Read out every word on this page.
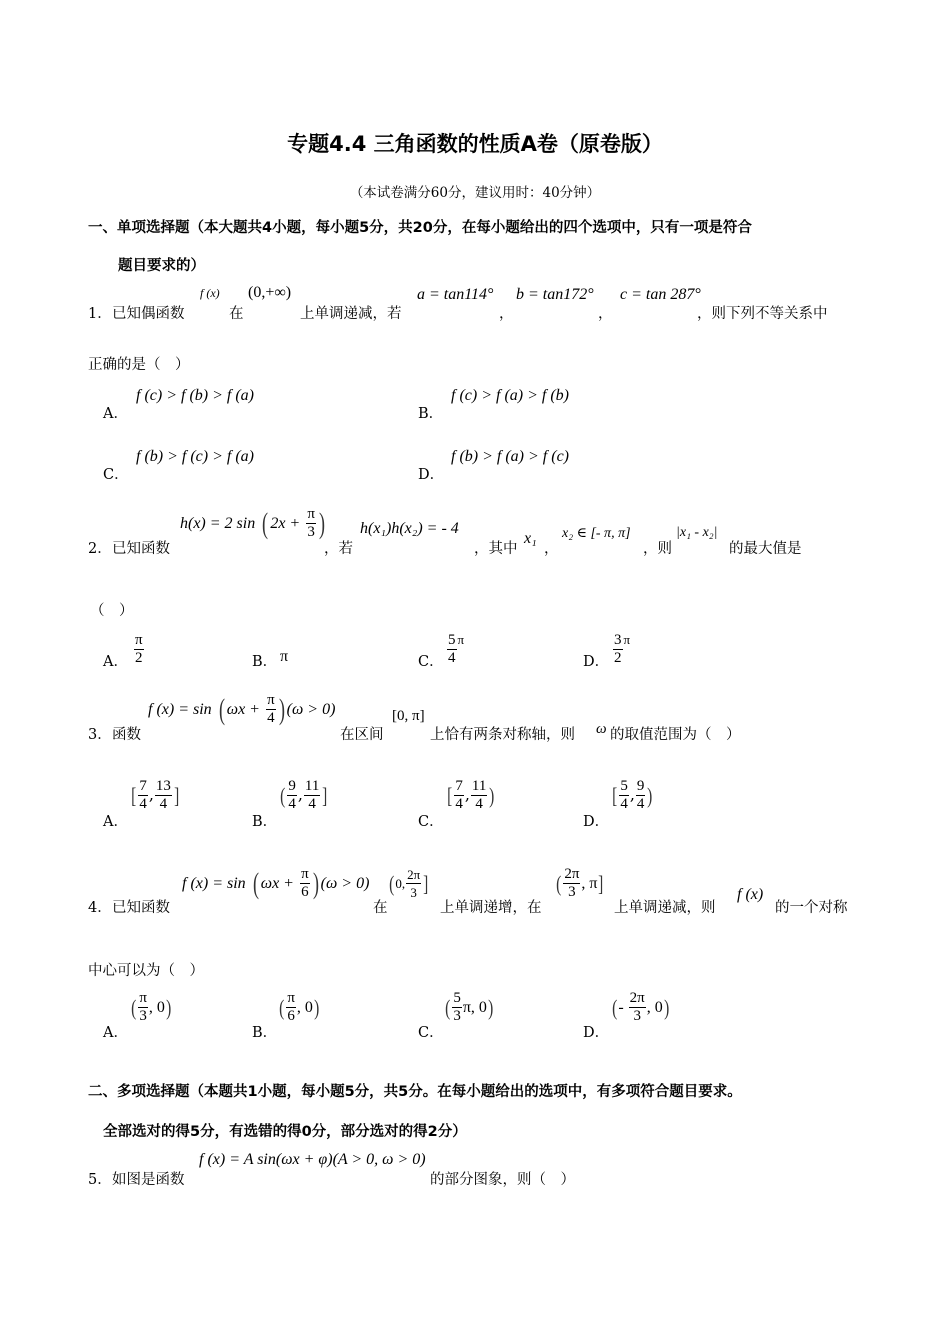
专题4.4 三角函数的性质A卷（原卷版）
（本试卷满分60分，建议用时：40分钟）
一、单项选择题（本大题共4小题，每小题5分，共20分，在每小题给出的四个选项中，只有一项是符合
题目要求的）
1． 已知偶函数
f (x)
在
(0,+∞)
上单调递减，若
a = tan114°
，
b = tan172°
，
c = tan 287°
，则下列不等关系中
正确的是（　）
A．
f (c) > f (b) > f (a)
B．
f (c) > f (a) > f (b)
C．
f (b) > f (c) > f (a)
D．
f (b) > f (a) > f (c)
2． 已知函数
h(x) = 2 sin ( $2x + \frac{\pi}{3}$ )
，若
h(x₁)h(x₂) = - 4
，其中
x₁
，
x₂ ∈ [- π, π]
，则
|x₁ - x₂|
的最大值是
（　）
A． $\frac{\pi}{2}$	B． π	C． $\frac{5}{4} ^\pi$
D． $\frac{3}{2} ^\pi$
3． 函数
f (x) = sin ( $\omega x + \frac{\pi}{4}$ ) (ω > 0)
在区间
[0, π]
上恰有两条对称轴，则 ω 的取值范围为（　）
A．
[ $\frac{7}{4}$ , $\frac{13}{4}$ ]
B．
( $\frac{9}{4}$ , $\frac{11}{4}$ ]
C．
[ $\frac{7}{4}$ , $\frac{11}{4}$ )
D．
[ $\frac{5}{4}$ , $\frac{9}{4}$ )
4． 已知函数
f (x) = sin ( $\omega x + \frac{\pi}{6}$ ) (ω > 0)
在
(0, $\frac{2\pi}{3}$ ]
上单调递增，在
( $\frac{2\pi}{3}$ , π]
上单调递减，则
f (x)
的一个对称
中心可以为（　）
A．
( $\frac{\pi}{3}$ , 0)
B．
( $\frac{\pi}{6}$ , 0)
C．
( $\frac{5}{3} \pi$, 0)
D．
(- $\frac{2\pi}{3}$ , 0)
二、多项选择题（本题共1小题，每小题5分，共5分。在每小题给出的选项中，有多项符合题目要求。
全部选对的得5分，有选错的得0分，部分选对的得2分）
5． 如图是函数
f (x) = A sin(ωx + φ)(A > 0, ω > 0)
的部分图象，则（　）
